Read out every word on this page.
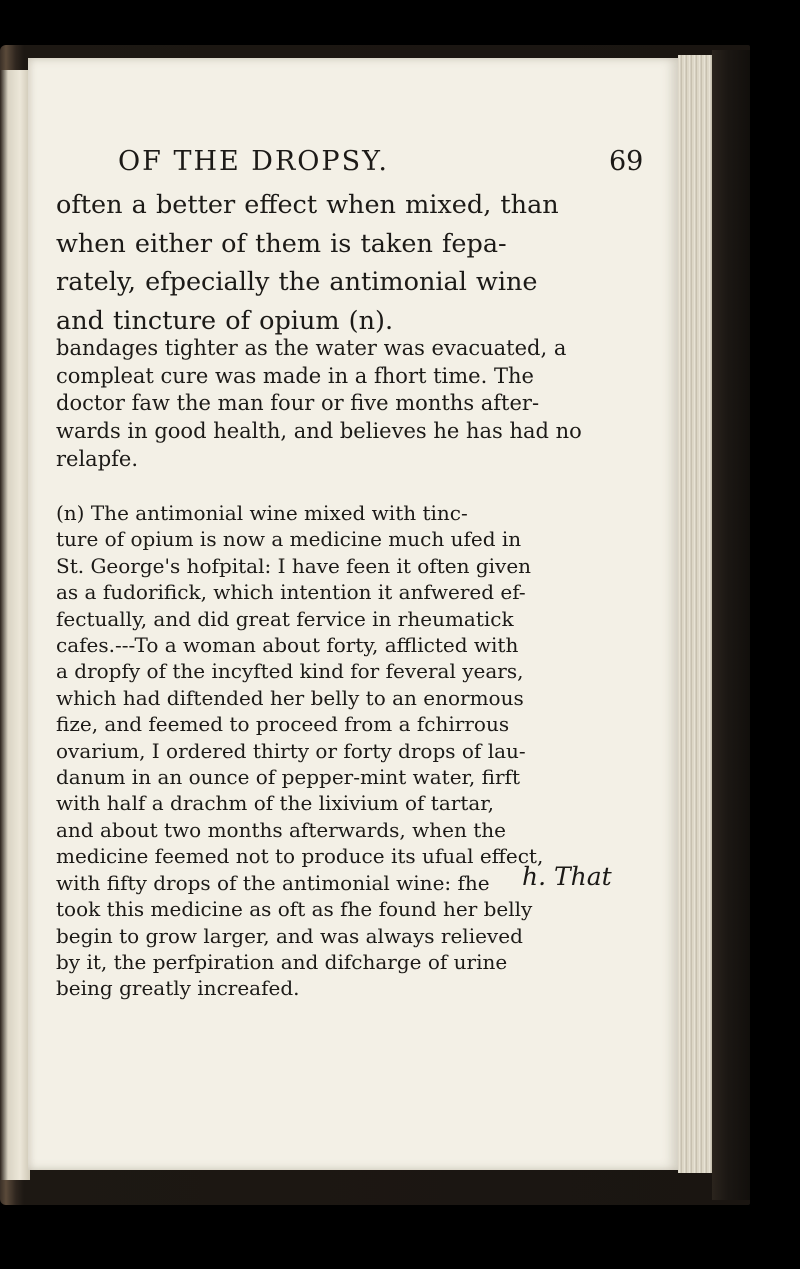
OF THE DROPSY.	69
often a better effect when mixed, than
when either of them is taken fepa-
rately, efpecially the antimonial wine
and tincture of opium (n).
bandages tighter as the water was evacuated, a
compleat cure was made in a fhort time. The
doctor faw the man four or five months after-
wards in good health, and believes he has had no
relapfe.
(n) The antimonial wine mixed with tinc-
ture of opium is now a medicine much ufed in
St. George's hofpital: I have feen it often given
as a fudorifick, which intention it anfwered ef-
fectually, and did great fervice in rheumatick
cafes.---To a woman about forty, afflicted with
a dropfy of the incyfted kind for feveral years,
which had diftended her belly to an enormous
fize, and feemed to proceed from a fchirrous
ovarium, I ordered thirty or forty drops of lau-
danum in an ounce of pepper-mint water, firft
with half a drachm of the lixivium of tartar,
and about two months afterwards, when the
medicine feemed not to produce its ufual effect,
with fifty drops of the antimonial wine: fhe
took this medicine as oft as fhe found her belly
begin to grow larger, and was always relieved
by it, the perfpiration and difcharge of urine
being greatly increafed.
h. That
